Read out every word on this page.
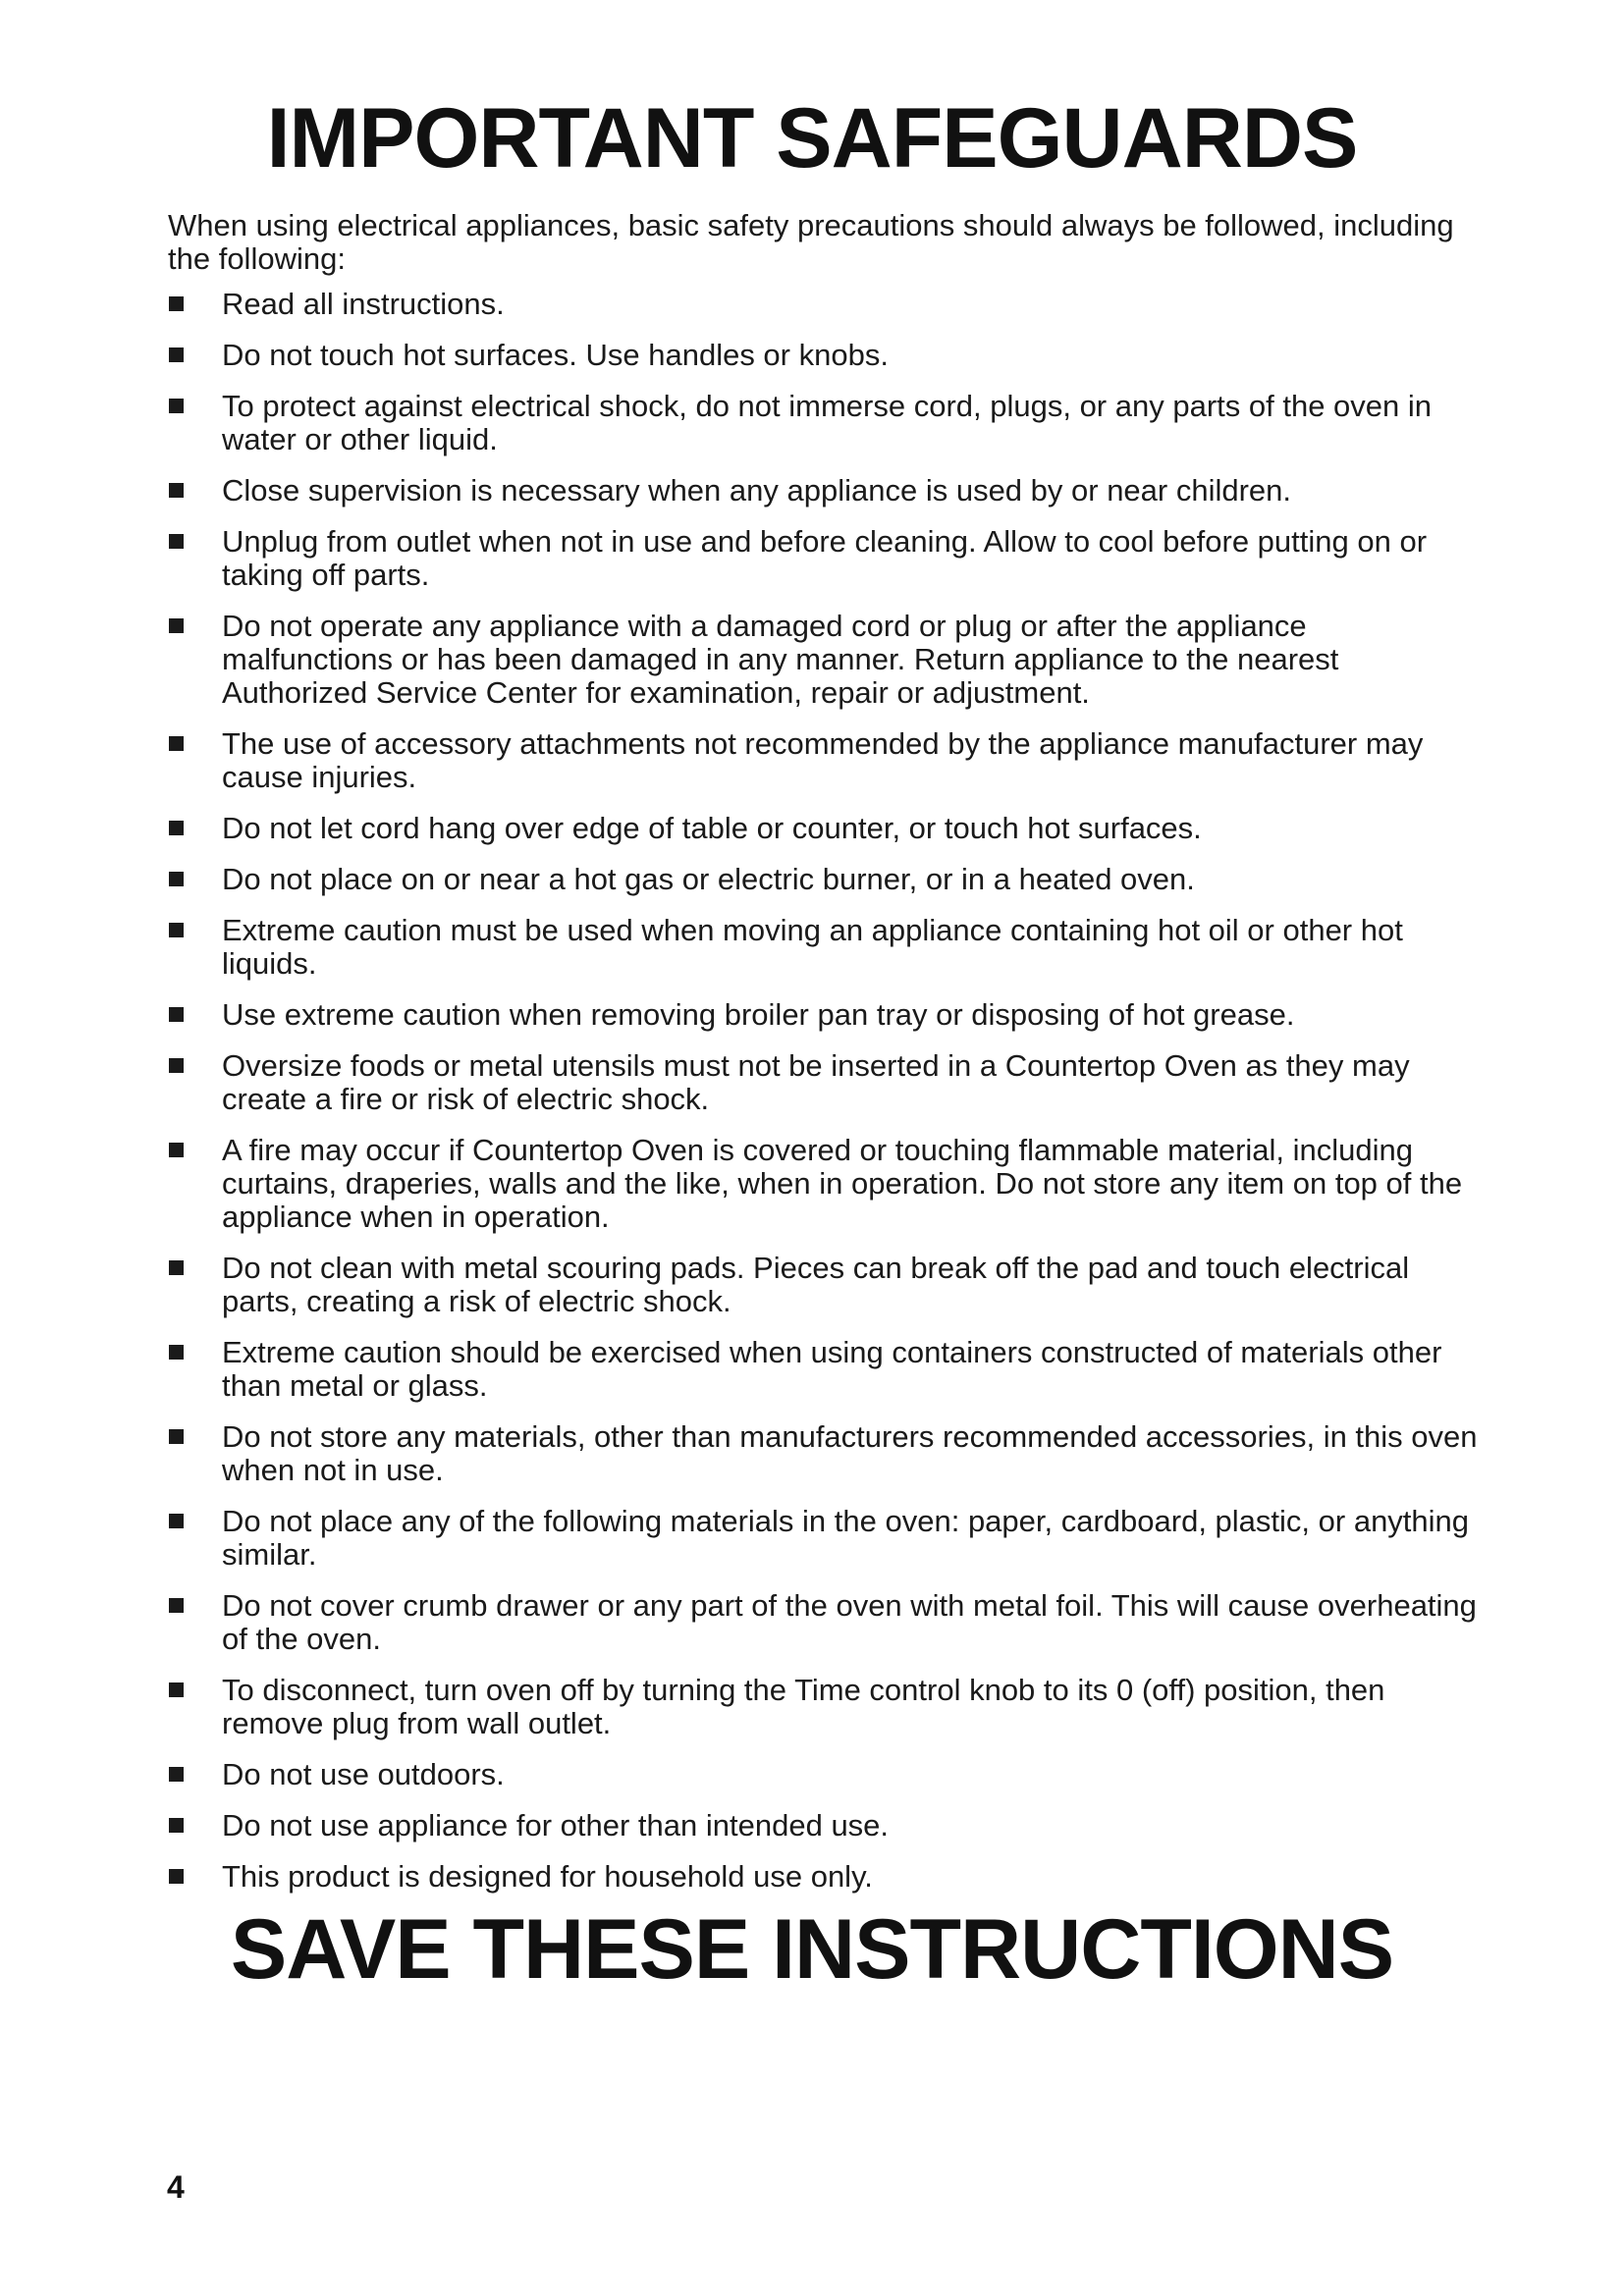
IMPORTANT SAFEGUARDS

When using electrical appliances, basic safety precautions should always be followed, including the following:

Read all instructions.
Do not touch hot surfaces. Use handles or knobs.
To protect against electrical shock, do not immerse cord, plugs, or any parts of the oven in water or other liquid.
Close supervision is necessary when any appliance is used by or near children.
Unplug from outlet when not in use and before cleaning. Allow to cool before putting on or taking off parts.
Do not operate any appliance with a damaged cord or plug or after the appliance malfunctions or has been damaged in any manner. Return appliance to the nearest Authorized Service Center for examination, repair or adjustment.
The use of accessory attachments not recommended by the appliance manufacturer may cause injuries.
Do not let cord hang over edge of table or counter, or touch hot surfaces.
Do not place on or near a hot gas or electric burner, or in a heated oven.
Extreme caution must be used when moving an appliance containing hot oil or other hot liquids.
Use extreme caution when removing broiler pan tray or disposing of hot grease.
Oversize foods or metal utensils must not be inserted in a Countertop Oven as they may create a fire or risk of electric shock.
A fire may occur if Countertop Oven is covered or touching flammable material, including curtains, draperies, walls and the like, when in operation. Do not store any item on top of the appliance when in operation.
Do not clean with metal scouring pads. Pieces can break off the pad and touch electrical parts, creating a risk of electric shock.
Extreme caution should be exercised when using containers constructed of materials other than metal or glass.
Do not store any materials, other than manufacturers recommended accessories, in this oven when not in use.
Do not place any of the following materials in the oven: paper, cardboard, plastic, or anything similar.
Do not cover crumb drawer or any part of the oven with metal foil. This will cause overheating of the oven.
To disconnect, turn oven off by turning the Time control knob to its 0 (off) position, then remove plug from wall outlet.
Do not use outdoors.
Do not use appliance for other than intended use.
This product is designed for household use only.
SAVE THESE INSTRUCTIONS
4
